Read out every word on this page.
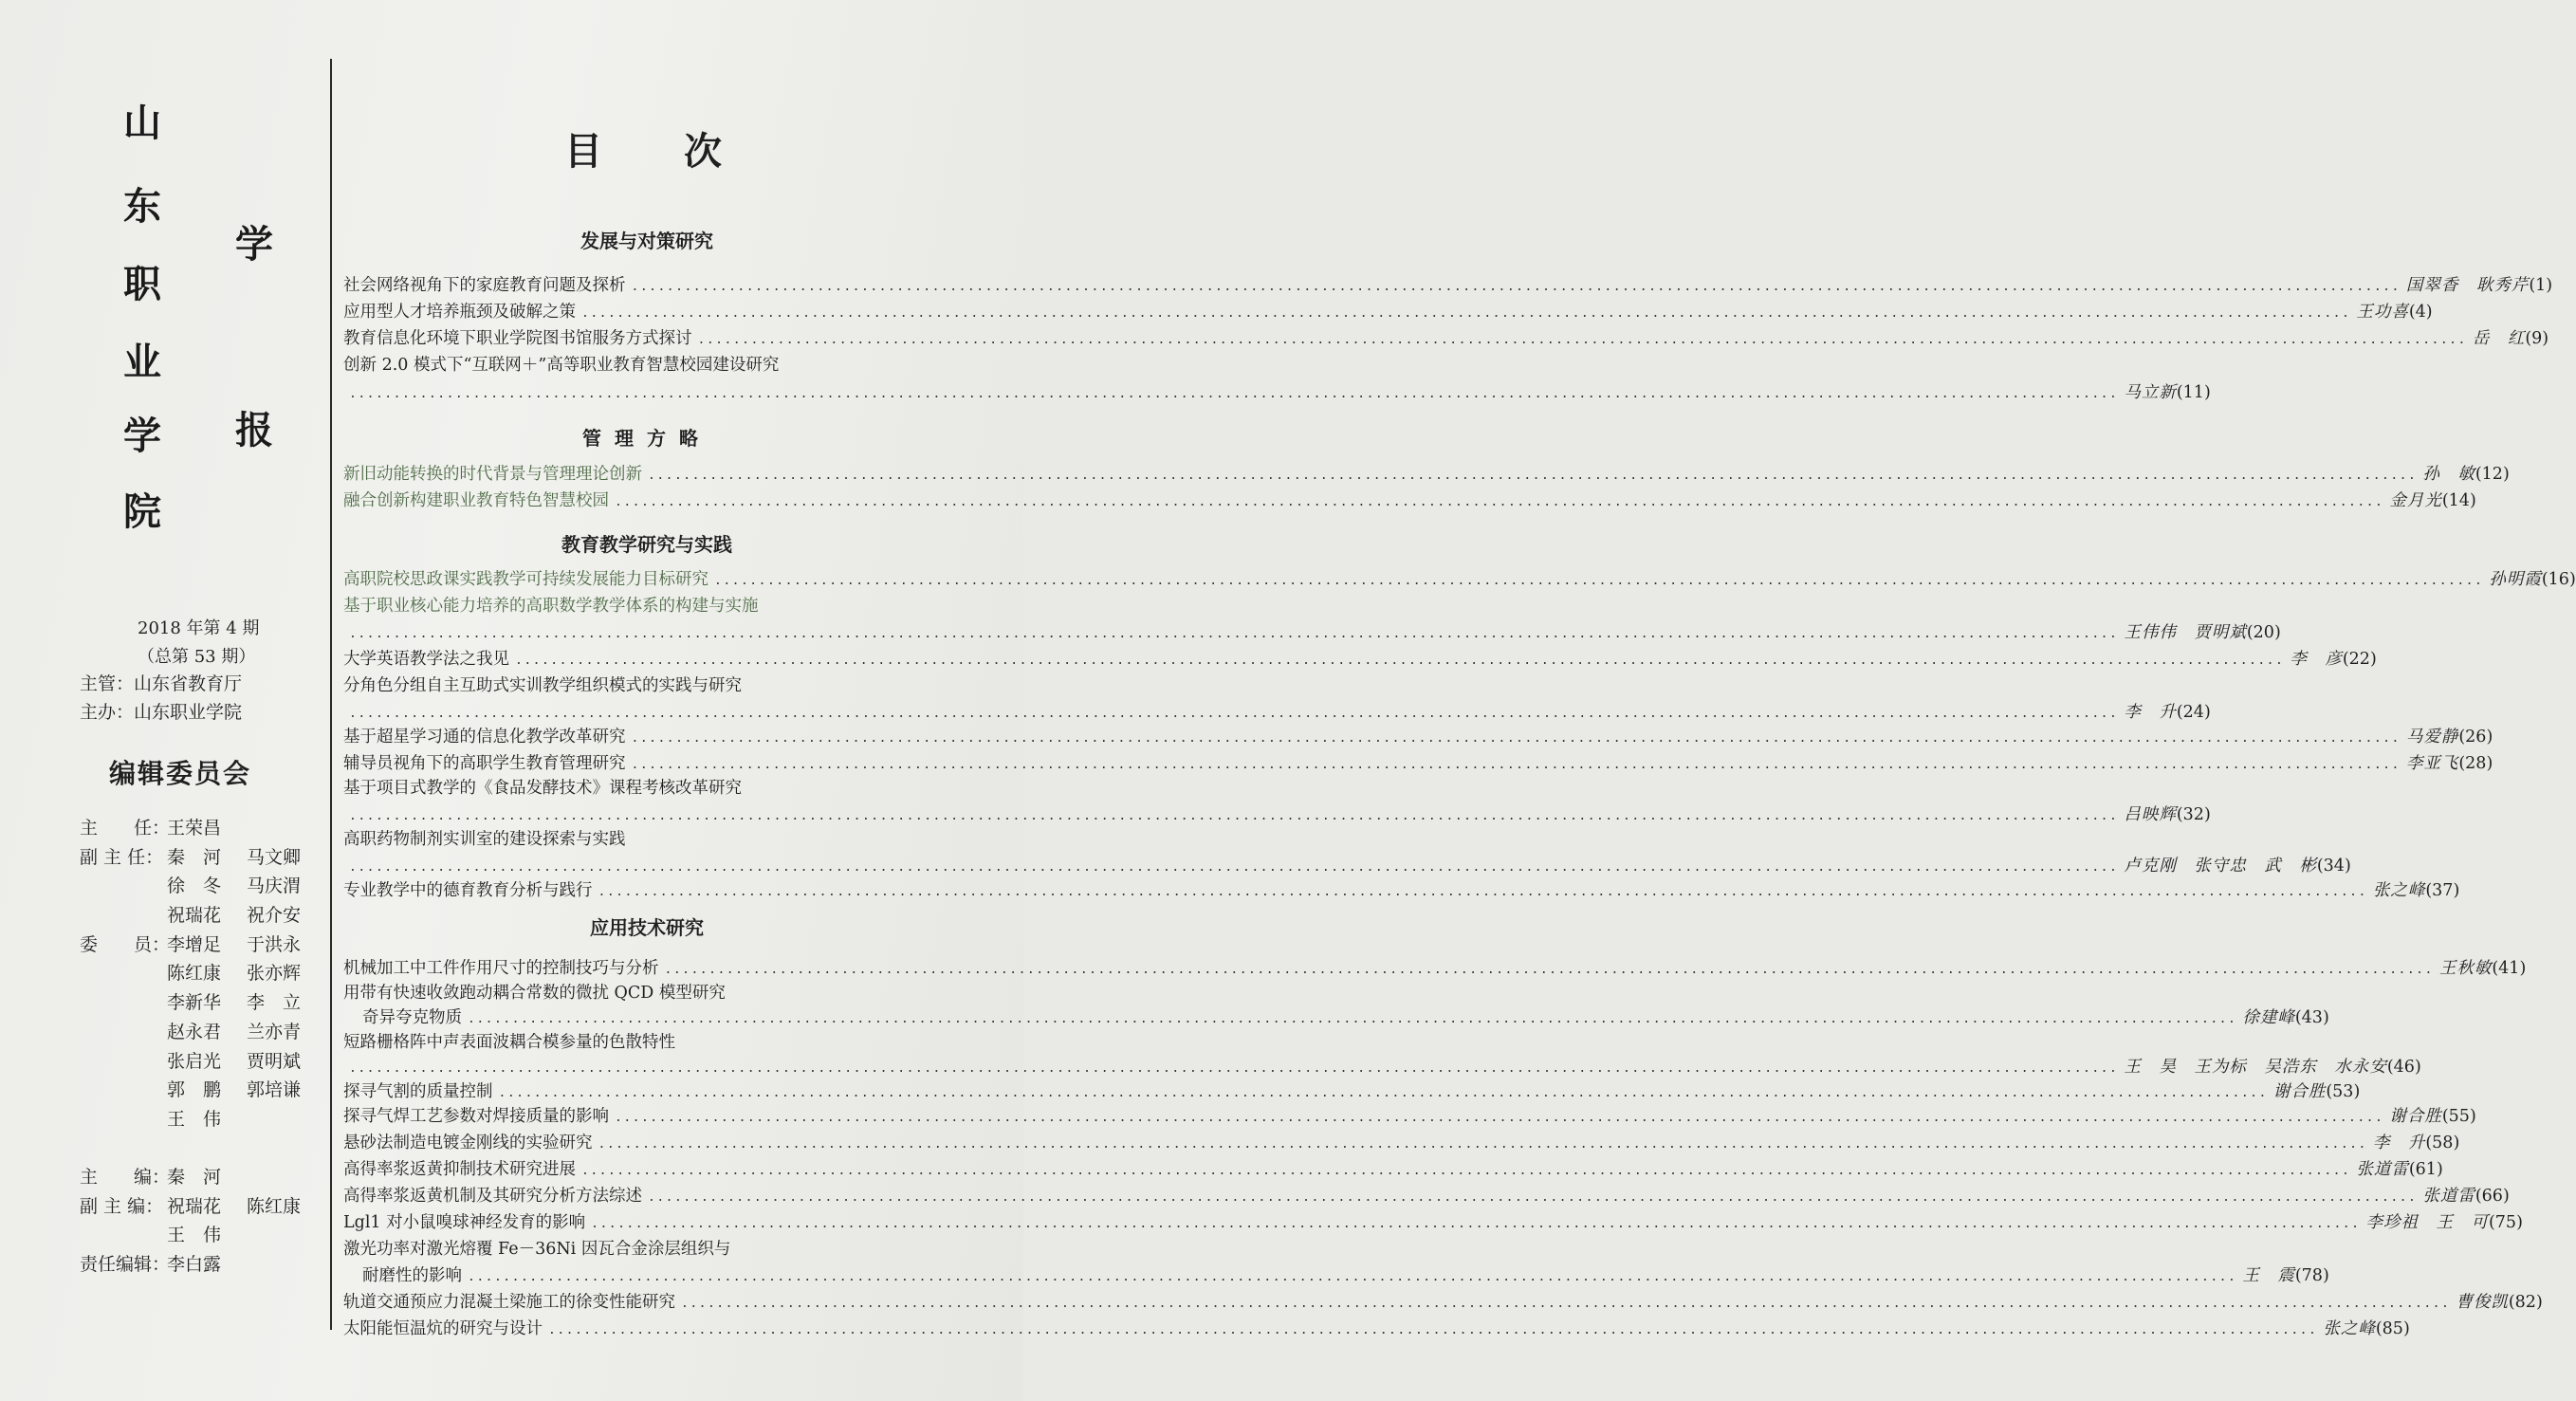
山
东
职
业
学
院
学
报
2018 年第 4 期
（总第 53 期）
主管：山东省教育厅
主办：山东职业学院
编辑委员会
主　　任：
王荣昌
副 主 任： 秦　河	马文卿
徐　冬	马庆渭
祝瑞花	祝介安
委　　员：
李增足	于洪永
陈红康	张亦辉
李新华	李　立
赵永君	兰亦青
张启光	贾明斌
郭　鹏	郭培谦
王　伟
主　　编：
秦　河
副 主 编： 祝瑞花	陈红康
王　伟
责任编辑：
李白露
目次
发展与对策研究
管理方略
教育教学研究与实践
应用技术研究
社会网络视角下的家庭教育问题及探析 ........................................................................................................................................................................................................ 国翠香　耿秀芹 (1)
应用型人才培养瓶颈及破解之策 ........................................................................................................................................................................................................ 王功喜 (4)
教育信息化环境下职业学院图书馆服务方式探讨 ........................................................................................................................................................................................................ 岳　红 (9)
创新 2.0 模式下“互联网＋”高等职业教育智慧校园建设研究
........................................................................................................................................................................................................ 马立新 (11)
新旧动能转换的时代背景与管理理论创新 ........................................................................................................................................................................................................ 孙　敏 (12)
融合创新构建职业教育特色智慧校园 ........................................................................................................................................................................................................ 金月光 (14)
高职院校思政课实践教学可持续发展能力目标研究 ........................................................................................................................................................................................................ 孙明霞 (16)
基于职业核心能力培养的高职数学教学体系的构建与实施
........................................................................................................................................................................................................ 王伟伟　贾明斌 (20)
大学英语教学法之我见 ........................................................................................................................................................................................................ 李　彦 (22)
分角色分组自主互助式实训教学组织模式的实践与研究
........................................................................................................................................................................................................ 李　升 (24)
基于超星学习通的信息化教学改革研究 ........................................................................................................................................................................................................ 马爱静 (26)
辅导员视角下的高职学生教育管理研究 ........................................................................................................................................................................................................ 李亚飞 (28)
基于项目式教学的《食品发酵技术》课程考核改革研究
........................................................................................................................................................................................................ 吕映辉 (32)
高职药物制剂实训室的建设探索与实践
........................................................................................................................................................................................................ 卢克刚　张守忠　武　彬 (34)
专业教学中的德育教育分析与践行 ........................................................................................................................................................................................................ 张之峰 (37)
机械加工中工件作用尺寸的控制技巧与分析 ........................................................................................................................................................................................................ 王秋敏 (41)
用带有快速收敛跑动耦合常数的微扰 QCD 模型研究
奇异夸克物质 ........................................................................................................................................................................................................ 徐建峰 (43)
短路栅格阵中声表面波耦合模参量的色散特性
........................................................................................................................................................................................................ 王　昊　王为标　吴浩东　水永安 (46)
探寻气割的质量控制 ........................................................................................................................................................................................................ 谢合胜 (53)
探寻气焊工艺参数对焊接质量的影响 ........................................................................................................................................................................................................ 谢合胜 (55)
悬砂法制造电镀金刚线的实验研究 ........................................................................................................................................................................................................ 李　升 (58)
高得率浆返黄抑制技术研究进展 ........................................................................................................................................................................................................ 张道雷 (61)
高得率浆返黄机制及其研究分析方法综述 ........................................................................................................................................................................................................ 张道雷 (66)
Lgl1 对小鼠嗅球神经发育的影响 ........................................................................................................................................................................................................ 李珍祖　王　可 (75)
激光功率对激光熔覆 Fe－36Ni 因瓦合金涂层组织与
耐磨性的影响 ........................................................................................................................................................................................................ 王　震 (78)
轨道交通预应力混凝土梁施工的徐变性能研究 ........................................................................................................................................................................................................ 曹俊凯 (82)
太阳能恒温炕的研究与设计 ........................................................................................................................................................................................................ 张之峰 (85)
